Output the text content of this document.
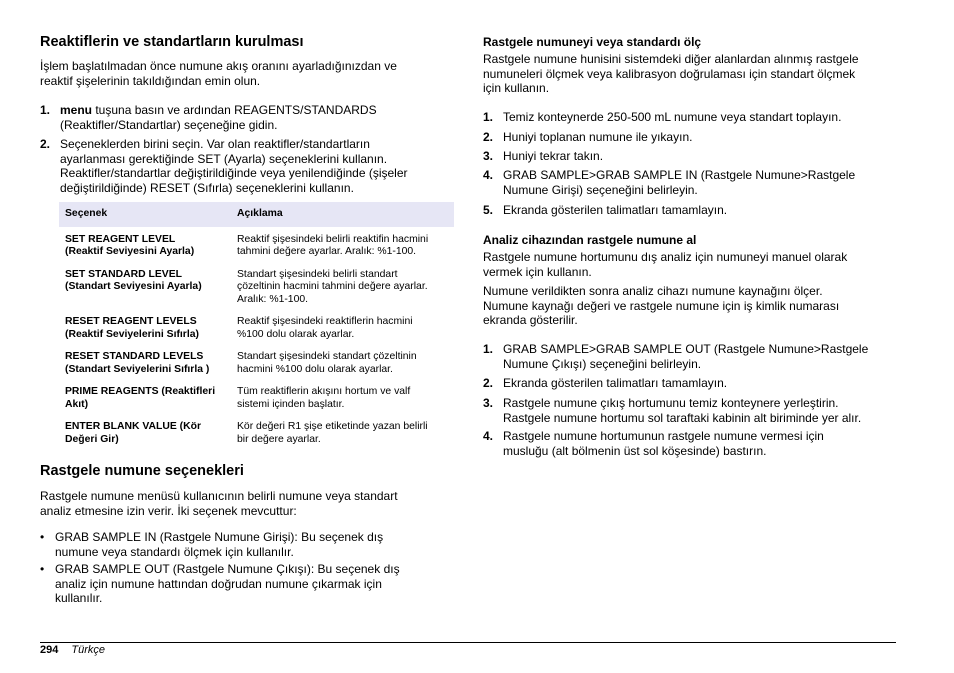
Reaktiflerin ve standartların kurulması
İşlem başlatılmadan önce numune akış oranını ayarladığınızdan ve
reaktif şişelerinin takıldığından emin olun.
1. menu tuşuna basın ve ardından REAGENTS/STANDARDS
(Reaktifler/Standartlar) seçeneğine gidin.
2. Seçeneklerden birini seçin. Var olan reaktifler/standartların
ayarlanması gerektiğinde SET (Ayarla) seçeneklerini kullanın.
Reaktifler/standartlar değiştirildiğinde veya yenilendiğinde (şişeler
değiştirildiğinde) RESET (Sıfırla) seçeneklerini kullanın.
Seçenek	Açıklama

SET REAGENT LEVEL
(Reaktif Seviyesini Ayarla)	Reaktif şişesindeki belirli reaktifin hacmini
tahmini değere ayarlar. Aralık: %1-100.

SET STANDARD LEVEL
(Standart Seviyesini Ayarla)	Standart şişesindeki belirli standart
çözeltinin hacmini tahmini değere ayarlar.
Aralık: %1-100.

RESET REAGENT LEVELS
(Reaktif Seviyelerini Sıfırla)	Reaktif şişesindeki reaktiflerin hacmini
%100 dolu olarak ayarlar.

RESET STANDARD LEVELS
(Standart Seviyelerini Sıfırla )	Standart şişesindeki standart çözeltinin
hacmini %100 dolu olarak ayarlar.

PRIME REAGENTS (Reaktifleri
Akıt)	Tüm reaktiflerin akışını hortum ve valf
sistemi içinden başlatır.

ENTER BLANK VALUE (Kör
Değeri Gir)	Kör değeri R1 şişe etiketinde yazan belirli
bir değere ayarlar.
Rastgele numune seçenekleri
Rastgele numune menüsü kullanıcının belirli numune veya standart
analiz etmesine izin verir. İki seçenek mevcuttur:
• GRAB SAMPLE IN (Rastgele Numune Girişi): Bu seçenek dış
numune veya standardı ölçmek için kullanılır.
• GRAB SAMPLE OUT (Rastgele Numune Çıkışı): Bu seçenek dış
analiz için numune hattından doğrudan numune çıkarmak için
kullanılır.
Rastgele numuneyi veya standardı ölç
Rastgele numune hunisini sistemdeki diğer alanlardan alınmış rastgele
numuneleri ölçmek veya kalibrasyon doğrulaması için standart ölçmek
için kullanın.
1. Temiz konteynerde 250-500 mL numune veya standart toplayın.
2. Huniyi toplanan numune ile yıkayın.
3. Huniyi tekrar takın.
4. GRAB SAMPLE>GRAB SAMPLE IN (Rastgele Numune>Rastgele
Numune Girişi) seçeneğini belirleyin.
5. Ekranda gösterilen talimatları tamamlayın.
Analiz cihazından rastgele numune al
Rastgele numune hortumunu dış analiz için numuneyi manuel olarak
vermek için kullanın.
Numune verildikten sonra analiz cihazı numune kaynağını ölçer.
Numune kaynağı değeri ve rastgele numune için iş kimlik numarası
ekranda gösterilir.
1. GRAB SAMPLE>GRAB SAMPLE OUT (Rastgele Numune>Rastgele
Numune Çıkışı) seçeneğini belirleyin.
2. Ekranda gösterilen talimatları tamamlayın.
3. Rastgele numune çıkış hortumunu temiz konteynere yerleştirin.
Rastgele numune hortumu sol taraftaki kabinin alt biriminde yer alır.
4. Rastgele numune hortumunun rastgele numune vermesi için
musluğu (alt bölmenin üst sol köşesinde) bastırın.
294 Türkçe
